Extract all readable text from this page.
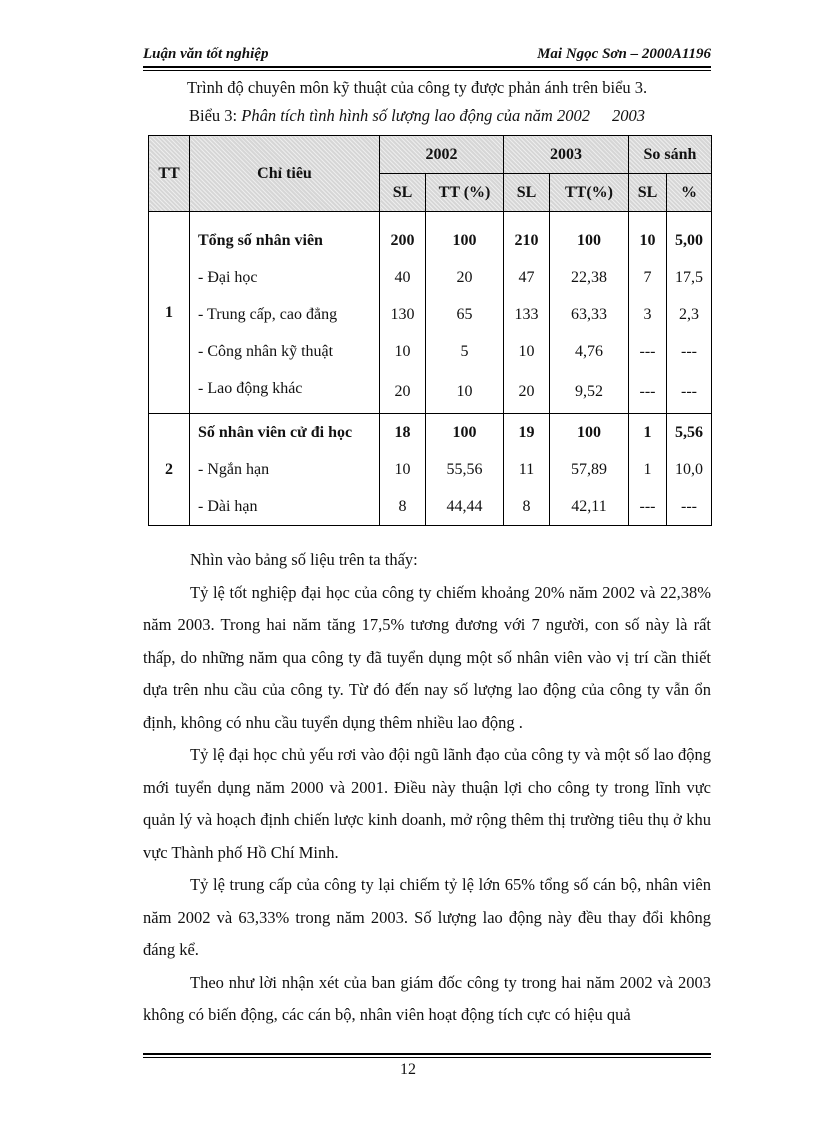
Luận văn tốt nghiệp	Mai Ngọc Sơn – 2000A1196
Trình độ chuyên môn kỹ thuật của công ty được phản ánh trên biểu 3.
Biểu 3: Phân tích tình hình số lượng lao động của năm 2002 2003
TT	Chỉ tiêu	2002		2003		So sánh	
		SL	TT (%)	SL	TT(%)	SL	%
1	Tổng số nhân viên	200	100	210	100	10	5,00
	- Đại học	40	20	47	22,38	7	17,5
	- Trung cấp, cao đẳng	130	65	133	63,33	3	2,3
	- Công nhân kỹ thuật	10	5	10	4,76	---	---
	- Lao động khác	20	10	20	9,52	---	---
2	Số nhân viên cử đi học	18	100	19	100	1	5,56
	- Ngắn hạn	10	55,56	11	57,89	1	10,0
	- Dài hạn	8	44,44	8	42,11	---	---

Nhìn vào bảng số liệu trên ta thấy:

Tỷ lệ tốt nghiệp đại học của công ty chiếm khoảng 20% năm 2002 và 22,38% năm 2003. Trong hai năm tăng 17,5% tương đương với 7 người, con số này là rất thấp, do những năm qua công ty đã tuyển dụng một số nhân viên vào vị trí cần thiết dựa trên nhu cầu của công ty. Từ đó đến nay số lượng lao động của công ty vẫn ổn định, không có nhu cầu tuyển dụng thêm nhiều lao động .

Tỷ lệ đại học chủ yếu rơi vào đội ngũ lãnh đạo của công ty và một số lao động mới tuyển dụng năm 2000 và 2001. Điều này thuận lợi cho công ty trong lĩnh vực quản lý và hoạch định chiến lược kinh doanh, mở rộng thêm thị trường tiêu thụ ở khu vực Thành phố Hồ Chí Minh.

Tỷ lệ trung cấp của công ty lại chiếm tỷ lệ lớn 65% tổng số cán bộ, nhân viên năm 2002 và 63,33% trong năm 2003. Số lượng lao động này đều thay đổi không đáng kể.

Theo như lời nhận xét của ban giám đốc công ty trong hai năm 2002 và 2003 không có biến động, các cán bộ, nhân viên hoạt động tích cực có hiệu quả

12
